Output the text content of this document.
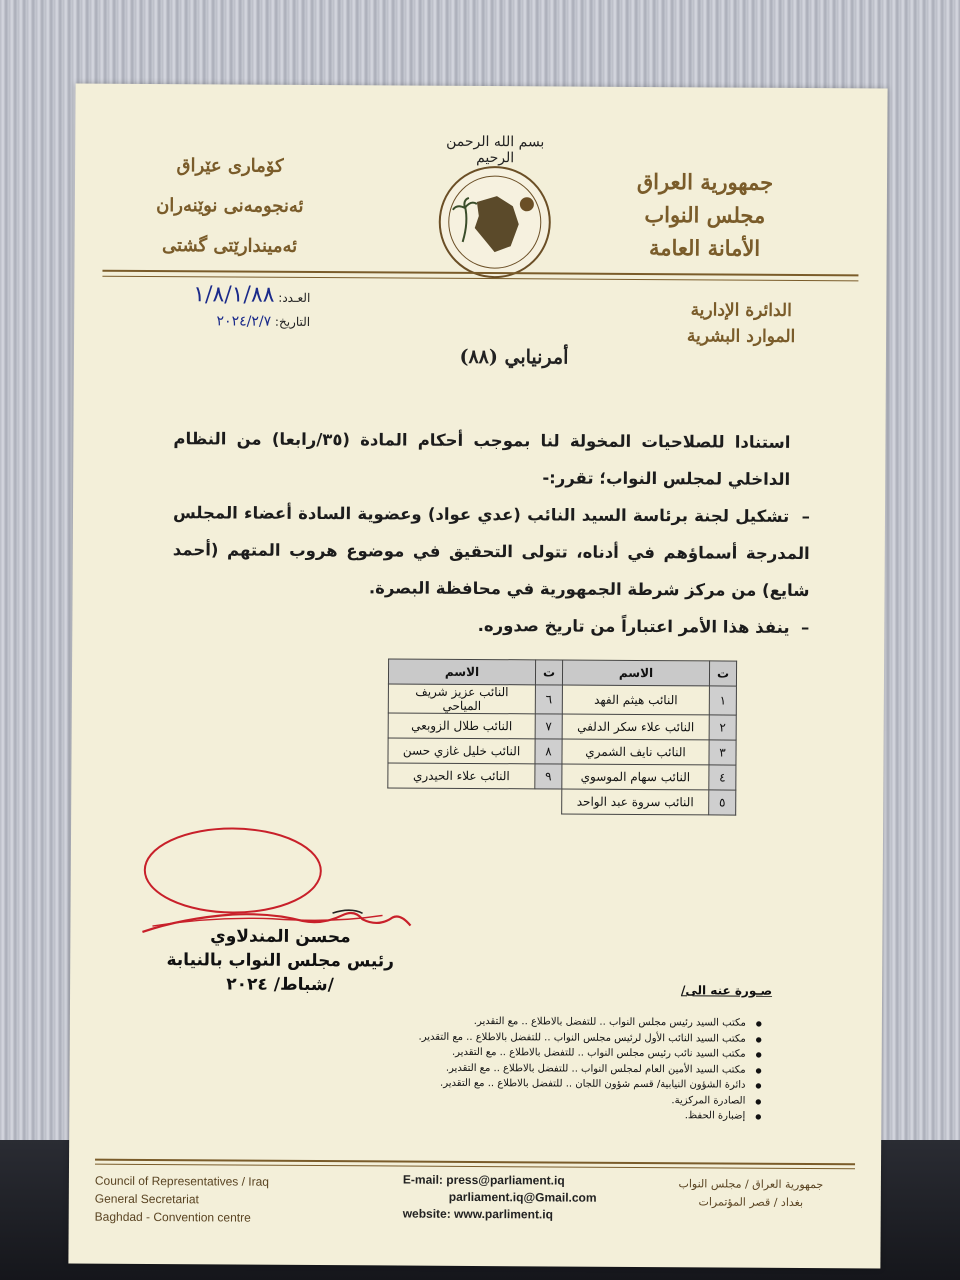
جمهورية العراق
مجلس النواب
الأمانة العامة
بسم الله الرحمن الرحيم
كۆماری عێراق
ئه‌نجومه‌نی نوێنه‌ران
ئه‌میندارێتی گشتی
العـدد: ١/٨/١/٨٨
التاريخ: ٢٠٢٤/٢/٧
الدائرة الإدارية
الموارد البشرية
أمرنيابي (٨٨)

استنادا للصلاحيات المخولة لنا بموجب أحكام المادة (٣٥/رابعا) من النظام الداخلي لمجلس النواب؛ تقرر:-

–  تشكيل لجنة برئاسة السيد النائب (عدي عواد) وعضوية السادة أعضاء المجلس المدرجة أسماؤهم في أدناه، تتولى التحقيق في موضوع هروب المتهم (أحمد شايع) من مركز شرطة الجمهورية في محافظة البصرة.

–  ينفذ هذا الأمر اعتباراً من تاريخ صدوره.

ت	الاسم	ت	الاسم
١	النائب هيثم الفهد	٦	النائب عزيز شريف المياحي
٢	النائب علاء سكر الدلفي	٧	النائب طلال الزوبعي
٣	النائب نايف الشمري	٨	النائب خليل غازي حسن
٤	النائب سهام الموسوي	٩	النائب علاء الحيدري
٥	النائب سروة عبد الواحد		
محسن المندلاوي
رئيس مجلس النواب بالنيابة
/شباط/ ٢٠٢٤	صـورة عنه الى/
● مكتب السيد رئيس مجلس النواب .. للتفضل بالاطلاع .. مع التقدير.
● مكتب السيد النائب الأول لرئيس مجلس النواب .. للتفضل بالاطلاع .. مع التقدير.
● مكتب السيد نائب رئيس مجلس النواب .. للتفضل بالاطلاع .. مع التقدير.
● مكتب السيد الأمين العام لمجلس النواب .. للتفضل بالاطلاع .. مع التقدير.
● دائرة الشؤون النيابية/ قسم شؤون اللجان .. للتفضل بالاطلاع .. مع التقدير.
● الصادرة المركزية.
● إضبارة الحفظ.
Council of Representatives / Iraq
General Secretariat
Baghdad - Convention centre
E-mail: press@parliament.iq
parliament.iq@Gmail.com
website: www.parliment.iq
جمهورية العراق / مجلس النواب
بغداد / قصر المؤتمرات
